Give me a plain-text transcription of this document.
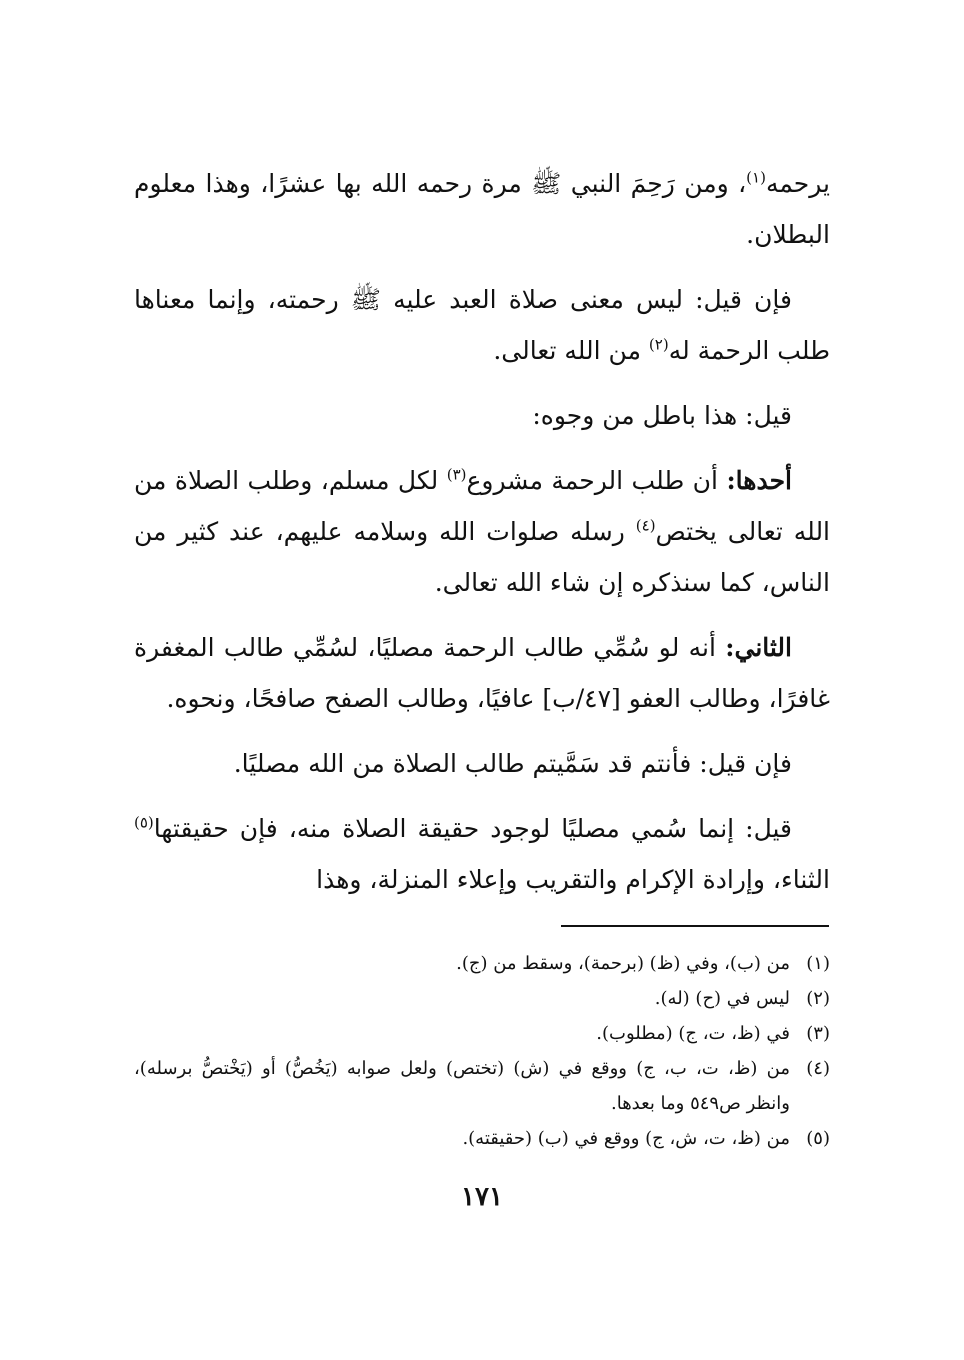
يرحمه$^{(١)}$، ومن رَحِمَ النبي ﷺ مرة رحمه الله بها عشرًا، وهذا معلوم البطلان.

فإن قيل: ليس معنى صلاة العبد عليه ﷺ رحمته، وإنما معناها طلب الرحمة له$^{(٢)}$ من الله تعالى.

قيل: هذا باطل من وجوه:

أحدها: أن طلب الرحمة مشروع$^{(٣)}$ لكل مسلم، وطلب الصلاة من الله تعالى يختص$^{(٤)}$ رسله صلوات الله وسلامه عليهم، عند كثير من الناس، كما سنذكره إن شاء الله تعالى.

الثاني: أنه لو سُمِّي طالب الرحمة مصليًا، لسُمِّي طالب المغفرة غافرًا، وطالب العفو [٤٧/ب] عافيًا، وطالب الصفح صافحًا، ونحوه.

فإن قيل: فأنتم قد سَمَّيتم طالب الصلاة من الله مصليًا.

قيل: إنما سُمي مصليًا لوجود حقيقة الصلاة منه، فإن حقيقتها$^{(٥)}$ الثناء، وإرادة الإكرام والتقريب وإعلاء المنزلة، وهذا

(١)
من (ب)، وفي (ظ) (برحمة)، وسقط من (ج).
(٢)
ليس في (ح) (له).
(٣)
في (ظ، ت، ج) (مطلوب).
(٤)
من (ظ، ت، ب، ج) ووقع في (ش) (تختص) ولعل صوابه (يَخُصُّ) أو (يَخْتصُّ برسله)، وانظر ص٥٤٩ وما بعدها.
(٥)
من (ظ، ت، ش، ج) ووقع في (ب) (حقيقته).
١٧١
